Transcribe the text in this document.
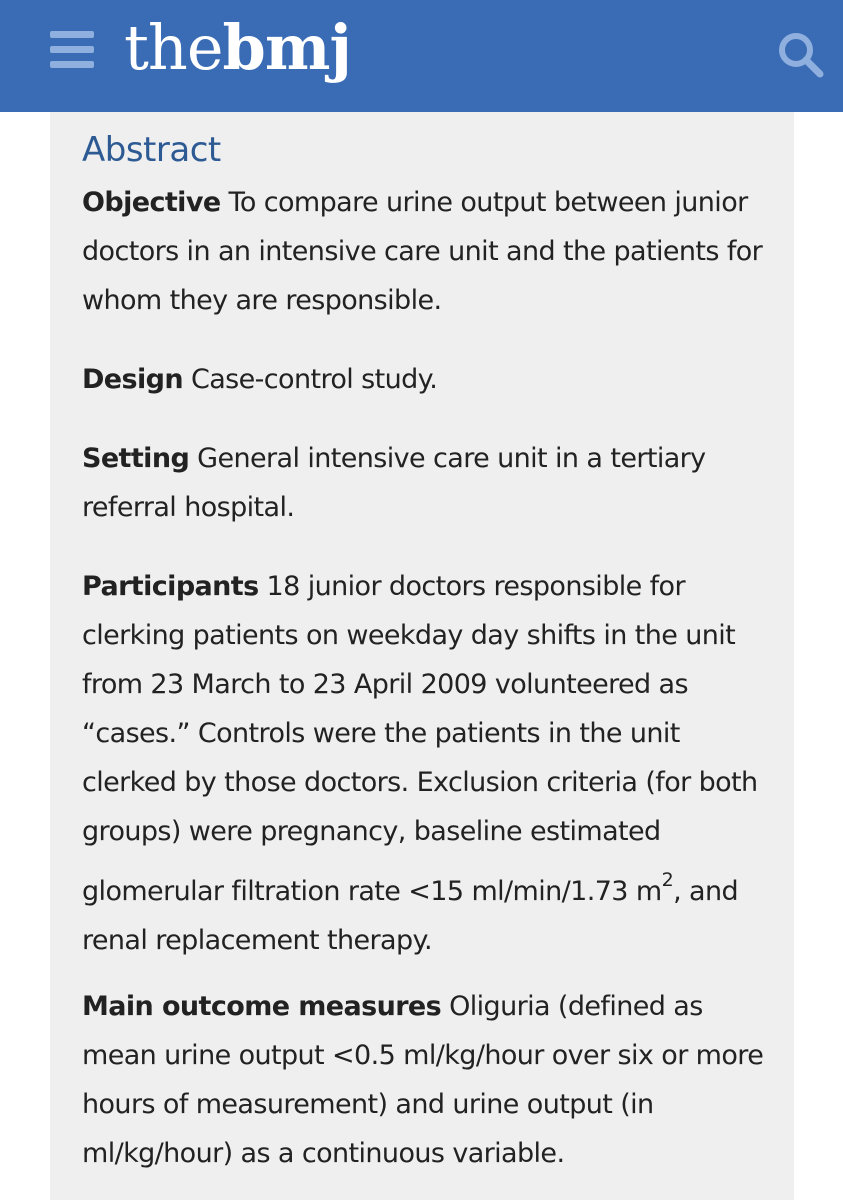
thebmj
Abstract

Objective To compare urine output between junior doctors in an intensive care unit and the patients for whom they are responsible.

Design Case-control study.

Setting General intensive care unit in a tertiary referral hospital.

Participants 18 junior doctors responsible for clerking patients on weekday day shifts in the unit from 23 March to 23 April 2009 volunteered as “cases.” Controls were the patients in the unit clerked by those doctors. Exclusion criteria (for both groups) were pregnancy, baseline estimated glomerular filtration rate <15 ml/min/1.73 $m^2$, and renal replacement therapy.

Main outcome measures Oliguria (defined as mean urine output <0.5 ml/kg/hour over six or more hours of measurement) and urine output (in ml/kg/hour) as a continuous variable.
